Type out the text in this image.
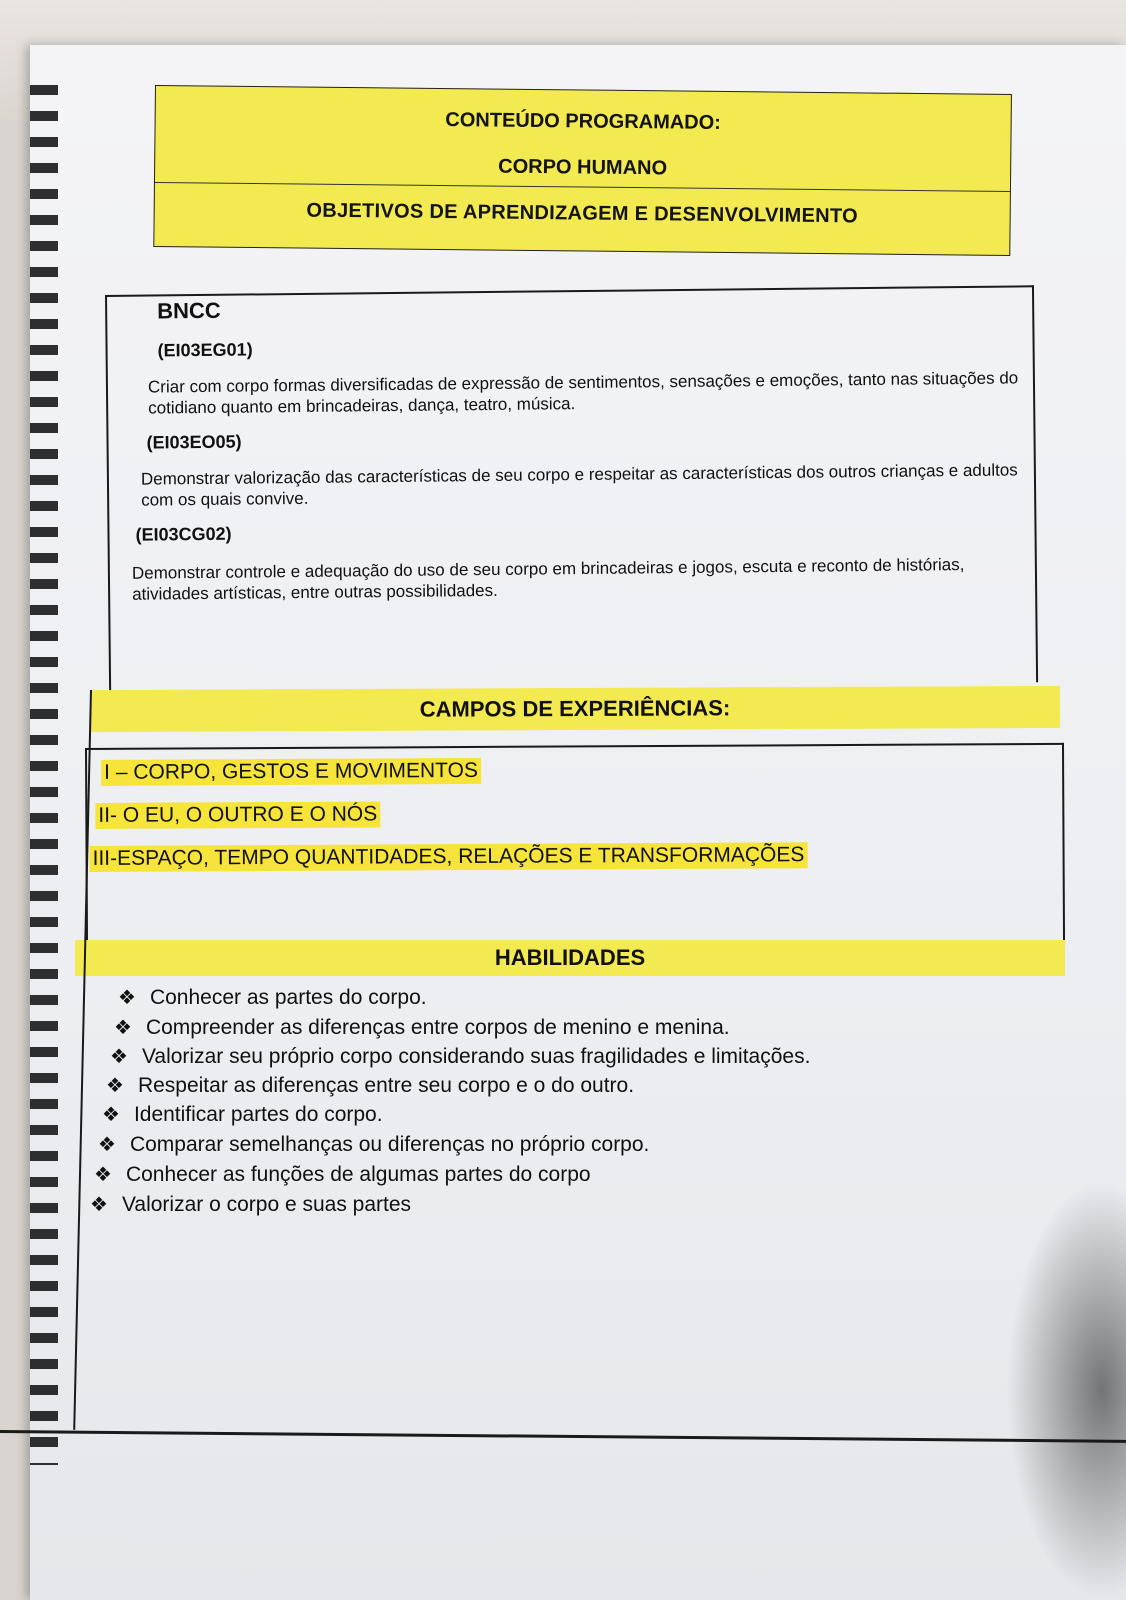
CONTEÚDO PROGRAMADO:
CORPO HUMANO
OBJETIVOS DE APRENDIZAGEM E DESENVOLVIMENTO
BNCC
(EI03EG01)
Criar com corpo formas diversificadas de expressão de sentimentos, sensações e emoções, tanto nas situações do cotidiano quanto em brincadeiras, dança, teatro, música.
(EI03EO05)
Demonstrar valorização das características de seu corpo e respeitar as características dos outros crianças e adultos com os quais convive.
(EI03CG02)
Demonstrar controle e adequação do uso de seu corpo em brincadeiras e jogos, escuta e reconto de histórias, atividades artísticas, entre outras possibilidades.
CAMPOS DE EXPERIÊNCIAS:
I – CORPO, GESTOS E MOVIMENTOS
II- O EU, O OUTRO E O NÓS
III-ESPAÇO, TEMPO QUANTIDADES, RELAÇÕES E TRANSFORMAÇÕES
HABILIDADES
❖ Conhecer as partes do corpo.
❖ Compreender as diferenças entre corpos de menino e menina.
❖ Valorizar seu próprio corpo considerando suas fragilidades e limitações.
❖ Respeitar as diferenças entre seu corpo e o do outro.
❖ Identificar partes do corpo.
❖ Comparar semelhanças ou diferenças no próprio corpo.
❖ Conhecer as funções de algumas partes do corpo
❖ Valorizar o corpo e suas partes
